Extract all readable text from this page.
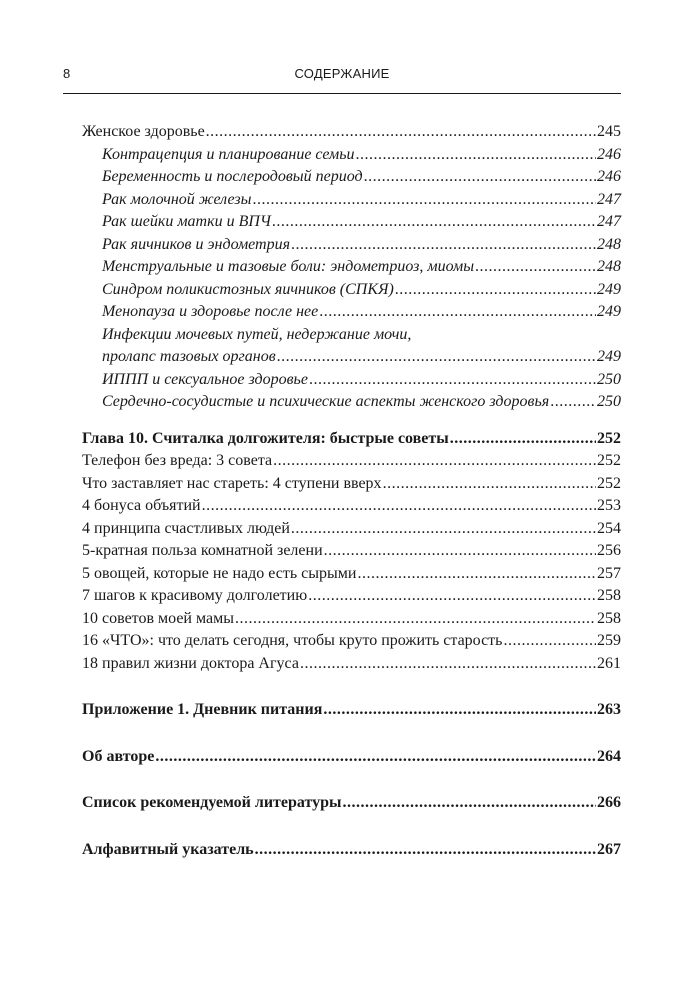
8	СОДЕРЖАНИЕ
Женское здоровье .....	245
Контрацепция и планирование семьи .....	246
Беременность и послеродовый период .....	246
Рак молочной железы .....	247
Рак шейки матки и ВПЧ .....	247
Рак яичников и эндометрия .....	248
Менструальные и тазовые боли: эндометриоз, миомы .....	248
Синдром поликистозных яичников (СПКЯ) .....	249
Менопауза и здоровье после нее .....	249
Инфекции мочевых путей, недержание мочи,
пролапс тазовых органов .....	249
ИППП и сексуальное здоровье .....	250
Сердечно-сосудистые и психические аспекты женского здоровья .....	250
Глава 10. Считалка долгожителя: быстрые советы .....	252
Телефон без вреда: 3 совета .....	252
Что заставляет нас стареть: 4 ступени вверх .....	252
4 бонуса объятий .....	253
4 принципа счастливых людей .....	254
5-кратная польза комнатной зелени .....	256
5 овощей, которые не надо есть сырыми .....	257
7 шагов к красивому долголетию .....	258
10 советов моей мамы .....	258
16 «ЧТО»: что делать сегодня, чтобы круто прожить старость .....	259
18 правил жизни доктора Агуса .....	261
Приложение 1. Дневник питания .....	263
Об авторе .....	264
Список рекомендуемой литературы .....	266
Алфавитный указатель .....	267
